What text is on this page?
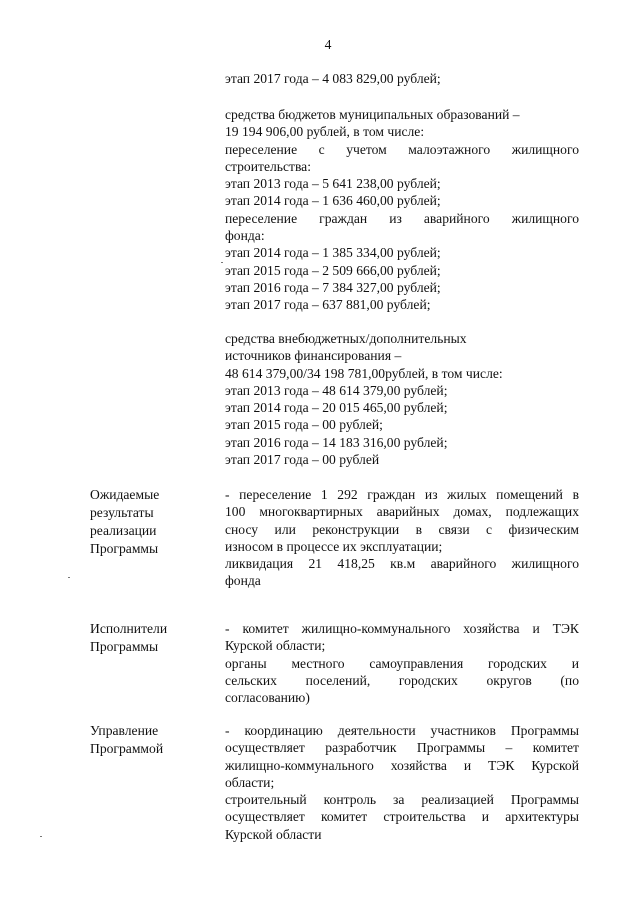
4
этап 2017 года – 4 083 829,00 рублей;
средства бюджетов муниципальных образований –
19 194 906,00 рублей, в том числе:
переселение с учетом малоэтажного жилищного
строительства:
этап 2013 года – 5 641 238,00 рублей;
этап 2014 года – 1 636 460,00 рублей;
переселение граждан из аварийного жилищного
фонда:
этап 2014 года – 1 385 334,00 рублей;
этап 2015 года – 2 509 666,00 рублей;
этап 2016 года – 7 384 327,00 рублей;
этап 2017 года – 637 881,00 рублей;
средства внебюджетных/дополнительных
источников финансирования –
48 614 379,00/34 198 781,00рублей, в том числе:
этап 2013 года – 48 614 379,00 рублей;
этап 2014 года – 20 015 465,00 рублей;
этап 2015 года – 00 рублей;
этап 2016 года – 14 183 316,00 рублей;
этап 2017 года – 00 рублей
Ожидаемые
результаты
реализации
Программы
- переселение 1 292 граждан из жилых помещений в
100 многоквартирных аварийных домах, подлежащих
сносу или реконструкции в связи с физическим
износом в процессе их эксплуатации;
ликвидация 21 418,25 кв.м аварийного жилищного
фонда
Исполнители
Программы
- комитет жилищно-коммунального хозяйства и ТЭК
Курской области;
органы местного самоуправления городских и
сельских поселений, городских округов (по
согласованию)
Управление
Программой
- координацию деятельности участников Программы
осуществляет разработчик Программы – комитет
жилищно-коммунального хозяйства и ТЭК Курской
области;
строительный контроль за реализацией Программы
осуществляет комитет строительства и архитектуры
Курской области
